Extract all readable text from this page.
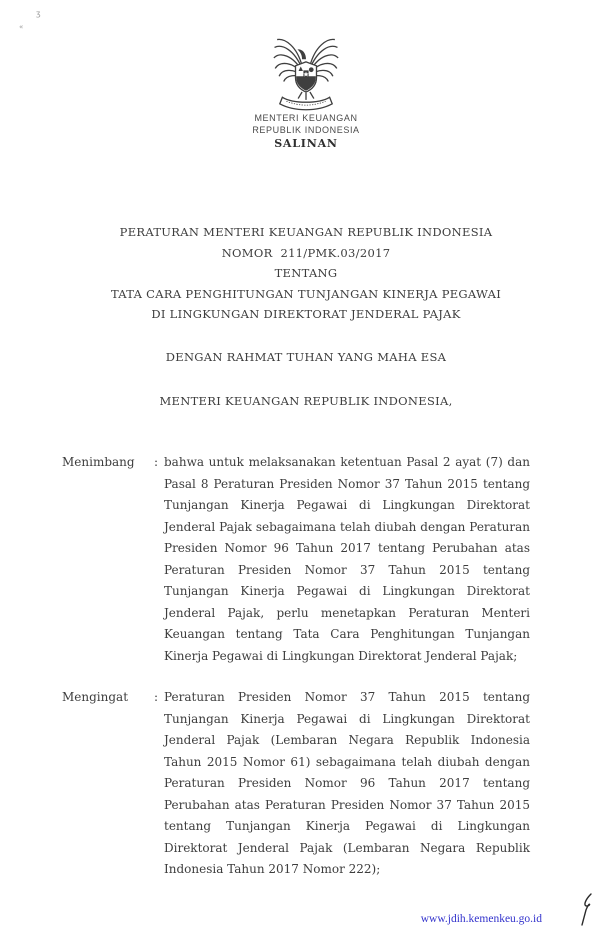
ʒ
«
MENTERI KEUANGAN
REPUBLIK INDONESIA
SALINAN
PERATURAN MENTERI KEUANGAN REPUBLIK INDONESIA
NOMOR  211/PMK.03/2017
TENTANG
TATA CARA PENGHITUNGAN TUNJANGAN KINERJA PEGAWAI
DI LINGKUNGAN DIREKTORAT JENDERAL PAJAK
DENGAN RAHMAT TUHAN YANG MAHA ESA
MENTERI KEUANGAN REPUBLIK INDONESIA,
Menimbang	: bahwa untuk melaksanakan ketentuan Pasal 2 ayat (7) dan Pasal 8 Peraturan Presiden Nomor 37 Tahun 2015 tentang Tunjangan Kinerja Pegawai di Lingkungan Direktorat Jenderal Pajak sebagaimana telah diubah dengan Peraturan Presiden Nomor 96 Tahun 2017 tentang Perubahan atas Peraturan Presiden Nomor 37 Tahun 2015 tentang Tunjangan Kinerja Pegawai di Lingkungan Direktorat Jenderal Pajak, perlu menetapkan Peraturan Menteri Keuangan tentang Tata Cara Penghitungan Tunjangan Kinerja Pegawai di Lingkungan Direktorat Jenderal Pajak;
Mengingat	: Peraturan Presiden Nomor 37 Tahun 2015 tentang Tunjangan Kinerja Pegawai di Lingkungan Direktorat Jenderal Pajak (Lembaran Negara Republik Indonesia Tahun 2015 Nomor 61) sebagaimana telah diubah dengan Peraturan Presiden Nomor 96 Tahun 2017 tentang Perubahan atas Peraturan Presiden Nomor 37 Tahun 2015 tentang Tunjangan Kinerja Pegawai di Lingkungan Direktorat Jenderal Pajak (Lembaran Negara Republik Indonesia Tahun 2017 Nomor 222);
www.jdih.kemenkeu.go.id
